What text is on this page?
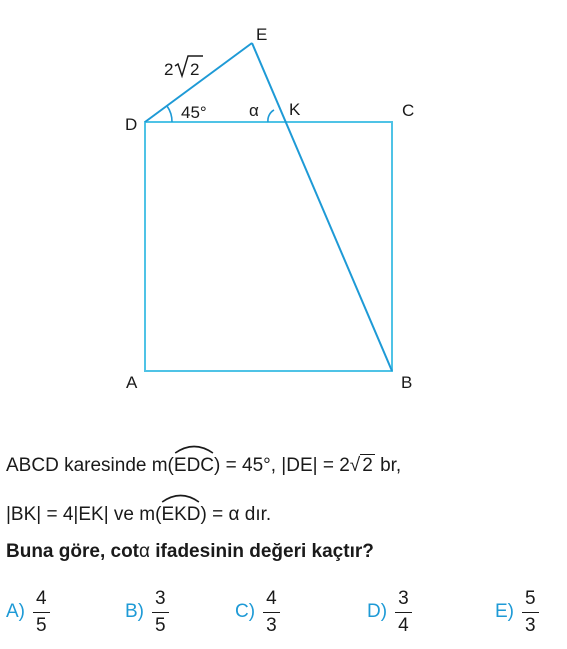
E
D
K	C
A	B
2 2
45° α
ABCD karesinde m(
EDC) = 45°, |DE| = 2√ 2 br,
|BK| = 4|EK| ve m(
EKD) = α dır.
Buna göre, cotα ifadesinin değeri kaçtır?
$A) \frac{4}{5}$	$B) \frac{3}{5}$	$C) \frac{4}{3}$	$D) \frac{3}{4}$	$E) \frac{5}{3}$
